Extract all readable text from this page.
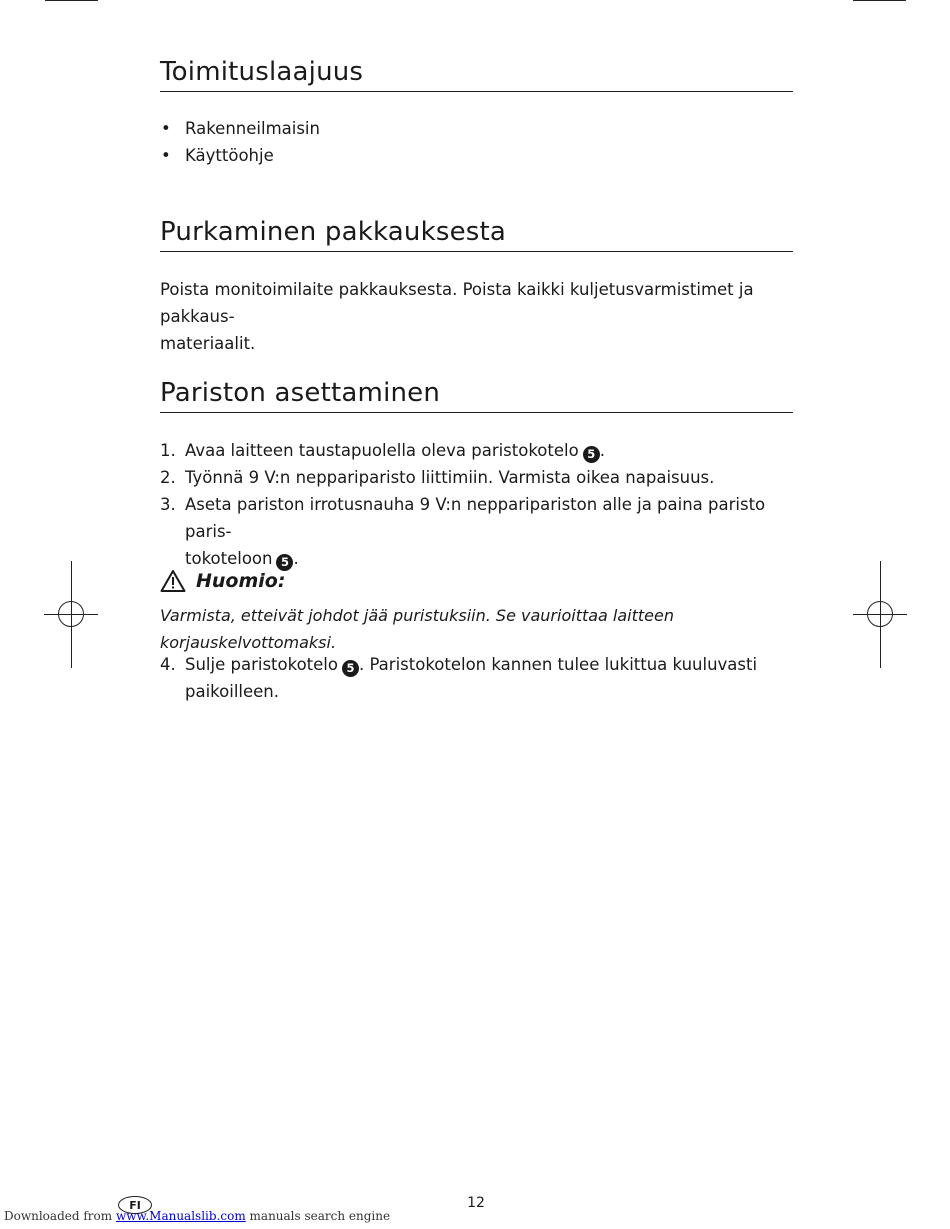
Toimituslaajuus
• Rakenneilmaisin
• Käyttöohje
Purkaminen pakkauksesta

Poista monitoimilaite pakkauksesta. Poista kaikki kuljetusvarmistimet ja pakkaus-
materiaalit.

Pariston asettaminen
1. Avaa laitteen taustapuolella oleva paristokotelo 5 .
2. Työnnä 9 V:n neppariparisto liittimiin. Varmista oikea napaisuus.
3. Aseta pariston irrotusnauha 9 V:n nepparipariston alle ja paina paristo paris-
tokoteloon 5 .
Huomio:

Varmista, etteivät johdot jää puristuksiin. Se vaurioittaa laitteen korjauskelvottomaksi.

4. Sulje paristokotelo 5 . Paristokotelon kannen tulee lukittua kuuluvasti paikoilleen.
12
FI
Downloaded from www.Manualslib.com manuals search engine
